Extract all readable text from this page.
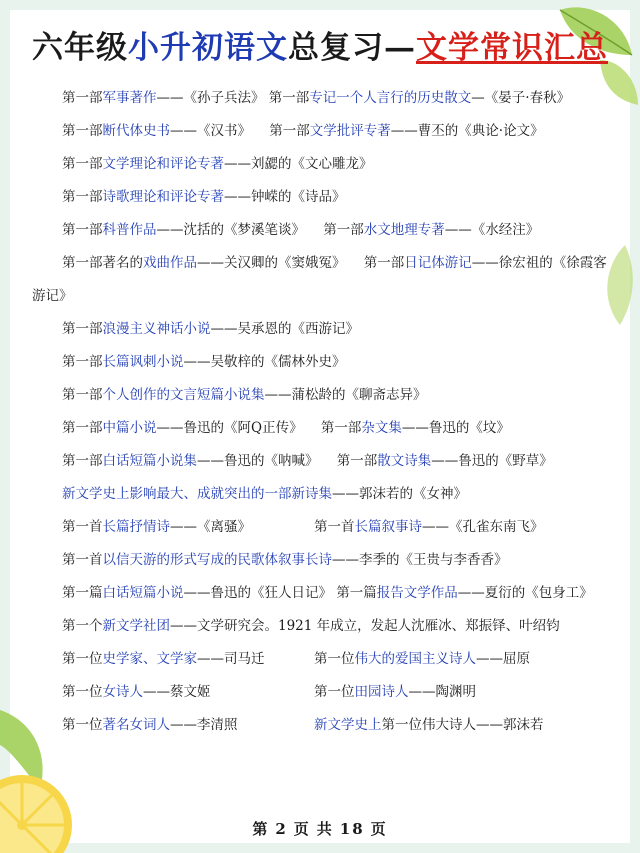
六年级小升初语文总复习—文学常识汇总
第一部军事著作——《孙子兵法》 第一部专记一个人言行的历史散文—《晏子·春秋》
第一部断代体史书——《汉书》 第一部文学批评专著——曹丕的《典论·论文》
第一部文学理论和评论专著——刘勰的《文心雕龙》
第一部诗歌理论和评论专著——钟嵘的《诗品》
第一部科普作品——沈括的《梦溪笔谈》 第一部水文地理专著——《水经注》
第一部著名的戏曲作品——关汉卿的《窦娥冤》 第一部日记体游记——徐宏祖的《徐霞客游记》
第一部浪漫主义神话小说——吴承恩的《西游记》
第一部长篇讽刺小说——吴敬梓的《儒林外史》
第一部个人创作的文言短篇小说集——蒲松龄的《聊斋志异》
第一部中篇小说——鲁迅的《阿Q正传》 第一部杂文集——鲁迅的《坟》
第一部白话短篇小说集——鲁迅的《呐喊》 第一部散文诗集——鲁迅的《野草》
新文学史上影响最大、成就突出的一部新诗集——郭沫若的《女神》
第一首长篇抒情诗——《离骚》	第一首长篇叙事诗——《孔雀东南飞》
第一首以信天游的形式写成的民歌体叙事长诗——李季的《王贵与李香香》
第一篇白话短篇小说——鲁迅的《狂人日记》 第一篇报告文学作品——夏衍的《包身工》
第一个新文学社团——文学研究会。1921 年成立，发起人沈雁冰、郑振铎、叶绍钧
第一位史学家、文学家——司马迁	第一位伟大的爱国主义诗人——屈原
第一位女诗人——蔡文姬	第一位田园诗人——陶渊明
第一位著名女词人——李清照	新文学史上第一位伟大诗人——郭沫若
第 2 页 共 18 页
